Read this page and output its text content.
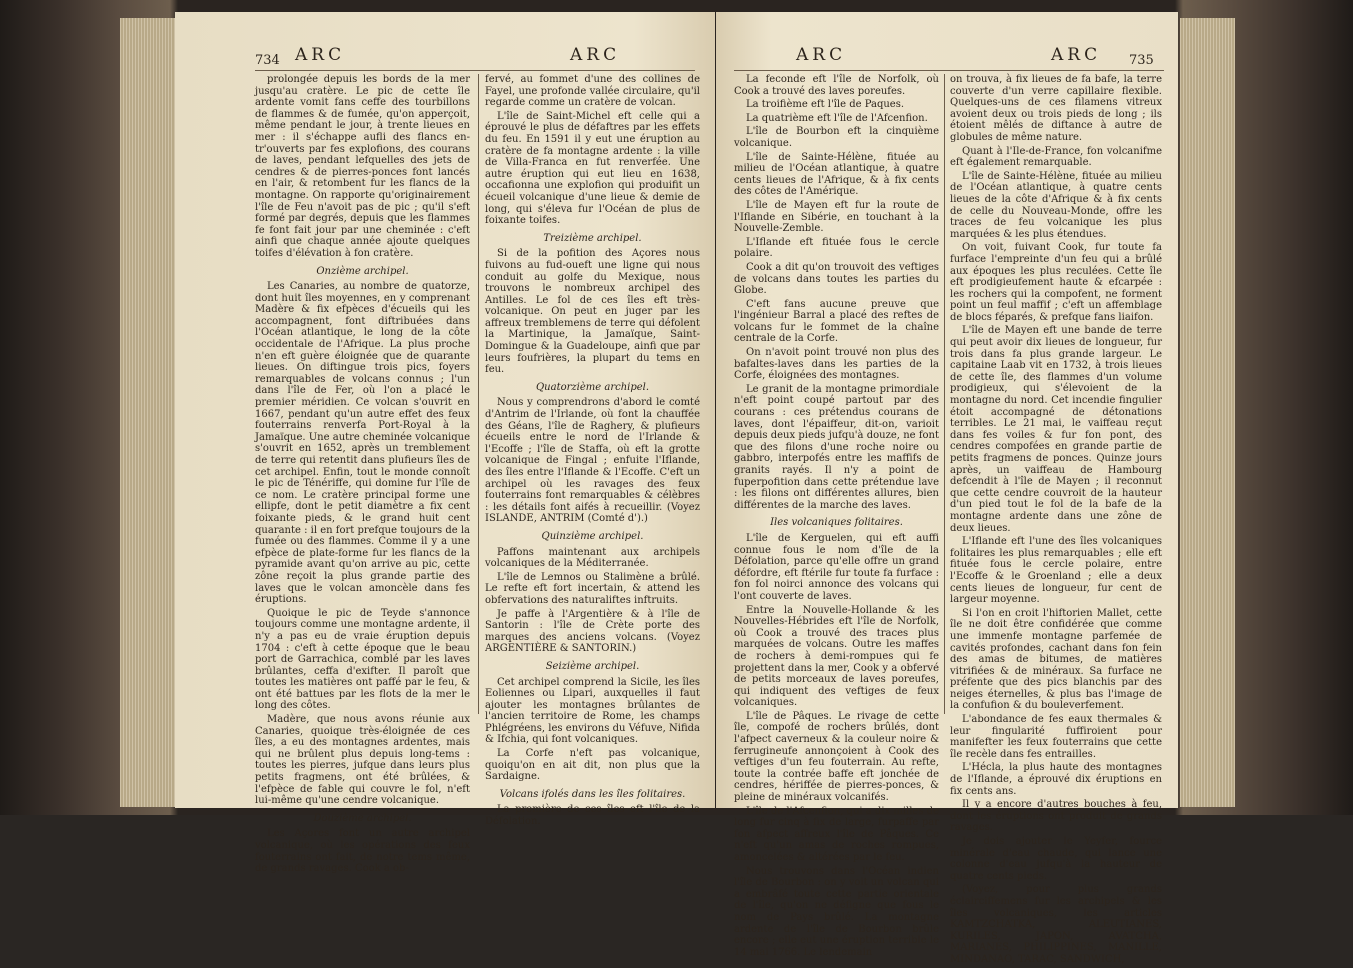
734 ARC	ARC

prolongée depuis les bords de la mer jusqu'au cratère. Le pic de cette île ardente vomit fans ceffe des tourbillons de flammes & de fumée, qu'on apperçoit, même pendant le jour, à trente lieues en mer : il s'échappe aufli des flancs en-tr'ouverts par fes explofions, des courans de laves, pendant lefquelles des jets de cendres & de pierres-ponces font lancés en l'air, & retombent fur les flancs de la montagne. On rapporte qu'originairement l'île de Feu n'avoit pas de pic ; qu'il s'eft formé par degrés, depuis que les flammes fe font fait jour par une cheminée : c'eft ainfi que chaque année ajoute quelques toifes d'élévation à fon cratère.

Onzième archipel.

Les Canaries, au nombre de quatorze, dont huit îles moyennes, en y comprenant Madère & fix efpèces d'écueils qui les accompagnent, font diftribuées dans l'Océan atlantique, le long de la côte occidentale de l'Afrique. La plus proche n'en eft guère éloignée que de quarante lieues. On diftingue trois pics, foyers remarquables de volcans connus ; l'un dans l'île de Fer, où l'on a placé le premier méridien. Ce volcan s'ouvrit en 1667, pendant qu'un autre effet des feux fouterrains renverfa Port-Royal à la Jamaïque. Une autre cheminée volcanique s'ouvrit en 1652, après un tremblement de terre qui retentit dans plufieurs îles de cet archipel. Enfin, tout le monde connoît le pic de Ténériffe, qui domine fur l'île de ce nom. Le cratère principal forme une ellipfe, dont le petit diamètre a fix cent foixante pieds, & le grand huit cent quarante : il en fort prefque toujours de la fumée ou des flammes. Comme il y a une efpèce de plate-forme fur les flancs de la pyramide avant qu'on arrive au pic, cette zône reçoit la plus grande partie des laves que le volcan amoncèle dans fes éruptions.

Quoique le pic de Teyde s'annonce toujours comme une montagne ardente, il n'y a pas eu de vraie éruption depuis 1704 : c'eft à cette époque que le beau port de Garrachica, comblé par les laves brûlantes, ceffa d'exifter. Il paroît que toutes les matières ont paffé par le feu, & ont été battues par les flots de la mer le long des côtes.

Madère, que nous avons réunie aux Canaries, quoique très-éloignée de ces îles, a eu des montagnes ardentes, mais qui ne brûlent plus depuis long-tems : toutes les pierres, jufque dans leurs plus petits fragmens, ont été brûlées, & l'efpèce de fable qui couvre le fol, n'eft lui-même qu'une cendre volcanique.

Douzième archipel.

Les Açores font un autre archipel volcanique, où les opérations des feux fouterrains ont fait, de notre tems même, de grands ravages. Cook a ob-

fervé, au fommet d'une des collines de Fayel, une profonde vallée circulaire, qu'il regarde comme un cratère de volcan.

L'île de Saint-Michel eft celle qui a éprouvé le plus de défaftres par les effets du feu. En 1591 il y eut une éruption au cratère de fa montagne ardente : la ville de Villa-Franca en fut renverfée. Une autre éruption qui eut lieu en 1638, occafionna une explofion qui produifit un écueil volcanique d'une lieue & demie de long, qui s'éleva fur l'Océan de plus de foixante toifes.

Treizième archipel.

Si de la pofition des Açores nous fuivons au fud-oueft une ligne qui nous conduit au golfe du Mexique, nous trouvons le nombreux archipel des Antilles. Le fol de ces îles eft très-volcanique. On peut en juger par les affreux tremblemens de terre qui défolent la Martinique, la Jamaïque, Saint-Domingue & la Guadeloupe, ainfi que par leurs foufrières, la plupart du tems en feu.

Quatorzième archipel.

Nous y comprendrons d'abord le comté d'Antrim de l'Irlande, où font la chauffée des Géans, l'île de Raghery, & plufieurs écueils entre le nord de l'Irlande & l'Ecoffe ; l'île de Staffa, où eft la grotte volcanique de Fingal ; enfuite l'Iflande, des îles entre l'Iflande & l'Ecoffe. C'eft un archipel où les ravages des feux fouterrains font remarquables & célèbres : les détails font aifés à recueillir. (Voyez ISLANDE, ANTRIM (Comté d').)

Quinzième archipel.

Paffons maintenant aux archipels volcaniques de la Méditerranée.

L'île de Lemnos ou Stalimène a brûlé. Le refte eft fort incertain, & attend les obfervations des naturaliftes inftruits.

Je paffe à l'Argentière & à l'île de Santorin : l'île de Crète porte des marques des anciens volcans. (Voyez ARGENTIÈRE & SANTORIN.)

Seizième archipel.

Cet archipel comprend la Sicile, les îles Eoliennes ou Lipari, auxquelles il faut ajouter les montagnes brûlantes de l'ancien territoire de Rome, les champs Phlégréens, les environs du Véfuve, Nifida & Ifchia, qui font volcaniques.

La Corfe n'eft pas volcanique, quoiqu'on en ait dit, non plus que la Sardaigne.

Volcans ifolés dans les îles folitaires.

La première de ces îles eft l'île de la Défolation.

ARC	ARC 735

La feconde eft l'île de Norfolk, où Cook a trouvé des laves poreufes.

La troifième eft l'île de Paques.

La quatrième eft l'île de l'Afcenfion.

L'île de Bourbon eft la cinquième volcanique.

L'île de Sainte-Hélène, fituée au milieu de l'Océan atlantique, à quatre cents lieues de l'Afrique, & à fix cents des côtes de l'Amérique.

L'île de Mayen eft fur la route de l'Iflande en Sibérie, en touchant à la Nouvelle-Zemble.

L'Iflande eft fituée fous le cercle polaire.

Cook a dit qu'on trouvoit des veftiges de volcans dans toutes les parties du Globe.

C'eft fans aucune preuve que l'ingénieur Barral a placé des reftes de volcans fur le fommet de la chaîne centrale de la Corfe.

On n'avoit point trouvé non plus des bafaltes-laves dans les parties de la Corfe, éloignées des montagnes.

Le granit de la montagne primordiale n'eft point coupé partout par des courans : ces prétendus courans de laves, dont l'épaiffeur, dit-on, varioit depuis deux pieds jufqu'à douze, ne font que des filons d'une roche noire ou gabbro, interpofés entre les maffifs de granits rayés. Il n'y a point de fuperpofition dans cette prétendue lave : les filons ont différentes allures, bien différentes de la marche des laves.

Iles volcaniques folitaires.

L'île de Kerguelen, qui eft auffi connue fous le nom d'île de la Défolation, parce qu'elle offre un grand défordre, eft ftérile fur toute fa furface : fon fol noirci annonce des volcans qui l'ont couverte de laves.

Entre la Nouvelle-Hollande & les Nouvelles-Hébrides eft l'île de Norfolk, où Cook a trouvé des traces plus marquées de volcans. Outre les maffes de rochers à demi-rompues qui fe projettent dans la mer, Cook y a obfervé de petits morceaux de laves poreufes, qui indiquent des veftiges de feux volcaniques.

L'île de Pâques. Le rivage de cette île, compofé de rochers brûlés, dont l'afpect caverneux & la couleur noire & ferrugineufe annonçoient à Cook des veftiges d'un feu fouterrain. Au refte, toute la contrée baffe eft jonchée de cendres, hériffée de pierres-ponces, & pleine de minéraux volcanifés.

L'île de l'Afcenfion, qui a dix milles de long fur cinq à fix de large, furpaffe par fon afpect affreux l'île de Pâques. Ce n'eft qu'un amas de roches rompues, amoncelées & altérées par le feu.

Nous trouvons dans l'Océan indien l'île de Bourbon : on y voit un volcan qui a embrâfé toute cette partie orientale de l'île, qu'on ne défigne que fous le nom de Pays brûlé. La montagne ardente de l'île de Bourbon brûle encore ; elle eut une éruption terrible le 14 mai 1766. Le lendemain

on trouva, à fix lieues de fa bafe, la terre couverte d'un verre capillaire flexible. Quelques-uns de ces filamens vitreux avoient deux ou trois pieds de long ; ils étoient mêlés de diftance à autre de globules de même nature.

Quant à l'Ile-de-France, fon volcanifme eft également remarquable.

L'île de Sainte-Hélène, fituée au milieu de l'Océan atlantique, à quatre cents lieues de la côte d'Afrique & à fix cents de celle du Nouveau-Monde, offre les traces de feu volcanique les plus marquées & les plus étendues.

On voit, fuivant Cook, fur toute fa furface l'empreinte d'un feu qui a brûlé aux époques les plus reculées. Cette île eft prodigieufement haute & efcarpée : les rochers qui la compofent, ne forment point un feul maffif ; c'eft un affemblage de blocs féparés, & prefque fans liaifon.

L'île de Mayen eft une bande de terre qui peut avoir dix lieues de longueur, fur trois dans fa plus grande largeur. Le capitaine Laab vit en 1732, à trois lieues de cette île, des flammes d'un volume prodigieux, qui s'élevoient de la montagne du nord. Cet incendie fingulier étoit accompagné de détonations terribles. Le 21 mai, le vaiffeau reçut dans fes voiles & fur fon pont, des cendres compofées en grande partie de petits fragmens de ponces. Quinze jours après, un vaiffeau de Hambourg defcendit à l'île de Mayen ; il reconnut que cette cendre couvroit de la hauteur d'un pied tout le fol de la bafe de la montagne ardente dans une zône de deux lieues.

L'Iflande eft l'une des îles volcaniques folitaires les plus remarquables ; elle eft fituée fous le cercle polaire, entre l'Ecoffe & le Groenland ; elle a deux cents lieues de longueur, fur cent de largeur moyenne.

Si l'on en croit l'hiftorien Mallet, cette île ne doit être confidérée que comme une immenfe montagne parfemée de cavités profondes, cachant dans fon fein des amas de bitumes, de matières vitrifiées & de minéraux. Sa furface ne préfente que des pics blanchis par des neiges éternelles, & plus bas l'image de la confufion & du bouleverfement.

L'abondance de fes eaux thermales & leur fingularité fuffiroient pour manifefter les feux fouterrains que cette île recèle dans fes entrailles.

L'Hécla, la plus haute des montagnes de l'Iflande, a éprouvé dix éruptions en fix cents ans.

Il y a encore d'autres bouches à feu, dont les éruptions ont produit de grands ravages.

Je dois ajouter le Yeyfer, fource minérale d'eau chaude, qui lance une colonne d'eau jufqu'à la hauteur de quatre cents pieds.

(Voyez, pour plus grands éclairciffemens fur les archipels & les îles volcaniques, les articles KAMTZCHATKA, ALEUTIANES, KURILES, JAPON, AVATCHA, MARIANES, PHILIPPINES, MANILLE, MINDANAO, TARAC, SANDWICH,
